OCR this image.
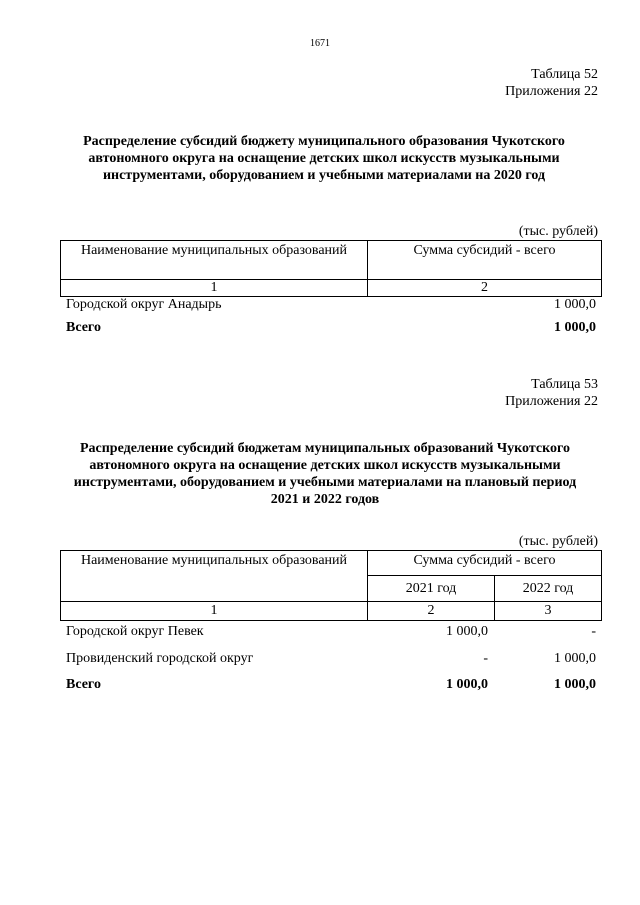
1671
Таблица 52
Приложения 22
Распределение субсидий бюджету муниципального образования Чукотского автономного округа на оснащение детских школ искусств музыкальными инструментами, оборудованием и учебными материалами на 2020 год
(тыс. рублей)
Наименование муниципальных образований	Сумма субсидий - всего
1	2
Городской округ Анадырь	1 000,0
Всего	1 000,0
Таблица 53
Приложения 22
Распределение субсидий бюджетам муниципальных образований Чукотского автономного округа на оснащение детских школ искусств музыкальными инструментами, оборудованием и учебными материалами на плановый период 2021 и 2022 годов
(тыс. рублей)
Наименование муниципальных образований	Сумма субсидий - всего	
	2021 год	2022 год
1	2	3
Городской округ Певек	1 000,0	-
Провиденский городской округ	-	1 000,0
Всего	1 000,0	1 000,0
